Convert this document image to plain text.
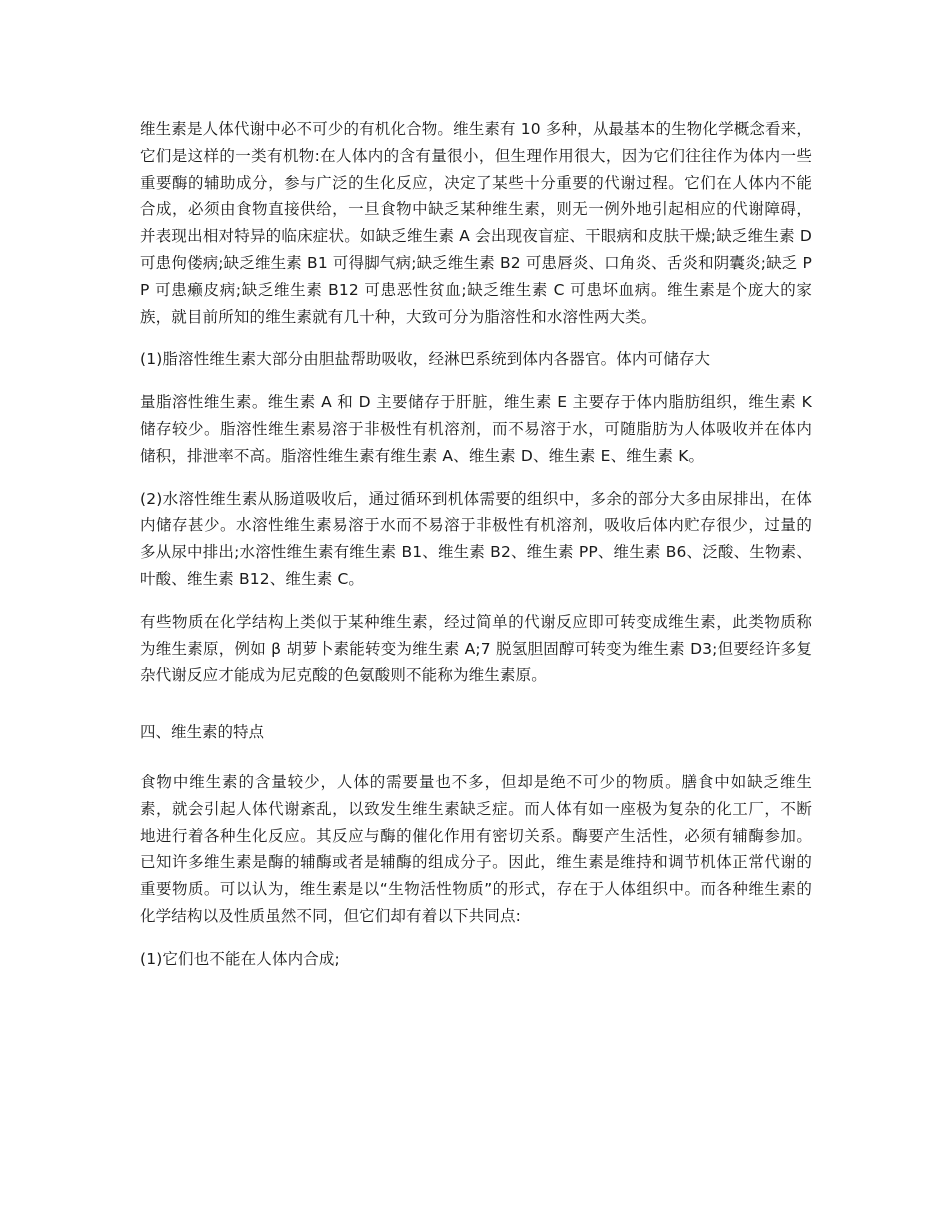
维生素是人体代谢中必不可少的有机化合物。维生素有 10 多种，从最基本的生物化学概念看来，它们是这样的一类有机物:在人体内的含有量很小，但生理作用很大，因为它们往往作为体内一些重要酶的辅助成分，参与广泛的生化反应，决定了某些十分重要的代谢过程。它们在人体内不能合成，必须由食物直接供给，一旦食物中缺乏某种维生素，则无一例外地引起相应的代谢障碍，并表现出相对特异的临床症状。如缺乏维生素 A 会出现夜盲症、干眼病和皮肤干燥;缺乏维生素 D 可患佝偻病;缺乏维生素 B1 可得脚气病;缺乏维生素 B2 可患唇炎、口角炎、舌炎和阴囊炎;缺乏 PP 可患癞皮病;缺乏维生素 B12 可患恶性贫血;缺乏维生素 C 可患坏血病。维生素是个庞大的家族，就目前所知的维生素就有几十种，大致可分为脂溶性和水溶性两大类。

(1)脂溶性维生素大部分由胆盐帮助吸收，经淋巴系统到体内各器官。体内可储存大

量脂溶性维生素。维生素 A 和 D 主要储存于肝脏，维生素 E 主要存于体内脂肪组织，维生素 K 储存较少。脂溶性维生素易溶于非极性有机溶剂，而不易溶于水，可随脂肪为人体吸收并在体内储积，排泄率不高。脂溶性维生素有维生素 A、维生素 D、维生素 E、维生素 K。

(2)水溶性维生素从肠道吸收后，通过循环到机体需要的组织中，多余的部分大多由尿排出，在体内储存甚少。水溶性维生素易溶于水而不易溶于非极性有机溶剂，吸收后体内贮存很少，过量的多从尿中排出;水溶性维生素有维生素 B1、维生素 B2、维生素 PP、维生素 B6、泛酸、生物素、叶酸、维生素 B12、维生素 C。

有些物质在化学结构上类似于某种维生素，经过简单的代谢反应即可转变成维生素，此类物质称为维生素原，例如 β 胡萝卜素能转变为维生素 A;7 脱氢胆固醇可转变为维生素 D3;但要经许多复杂代谢反应才能成为尼克酸的色氨酸则不能称为维生素原。

四、维生素的特点

食物中维生素的含量较少，人体的需要量也不多，但却是绝不可少的物质。膳食中如缺乏维生素，就会引起人体代谢紊乱，以致发生维生素缺乏症。而人体有如一座极为复杂的化工厂，不断地进行着各种生化反应。其反应与酶的催化作用有密切关系。酶要产生活性，必须有辅酶参加。已知许多维生素是酶的辅酶或者是辅酶的组成分子。因此，维生素是维持和调节机体正常代谢的重要物质。可以认为，维生素是以“生物活性物质”的形式，存在于人体组织中。而各种维生素的化学结构以及性质虽然不同，但它们却有着以下共同点:

(1)它们也不能在人体内合成;
